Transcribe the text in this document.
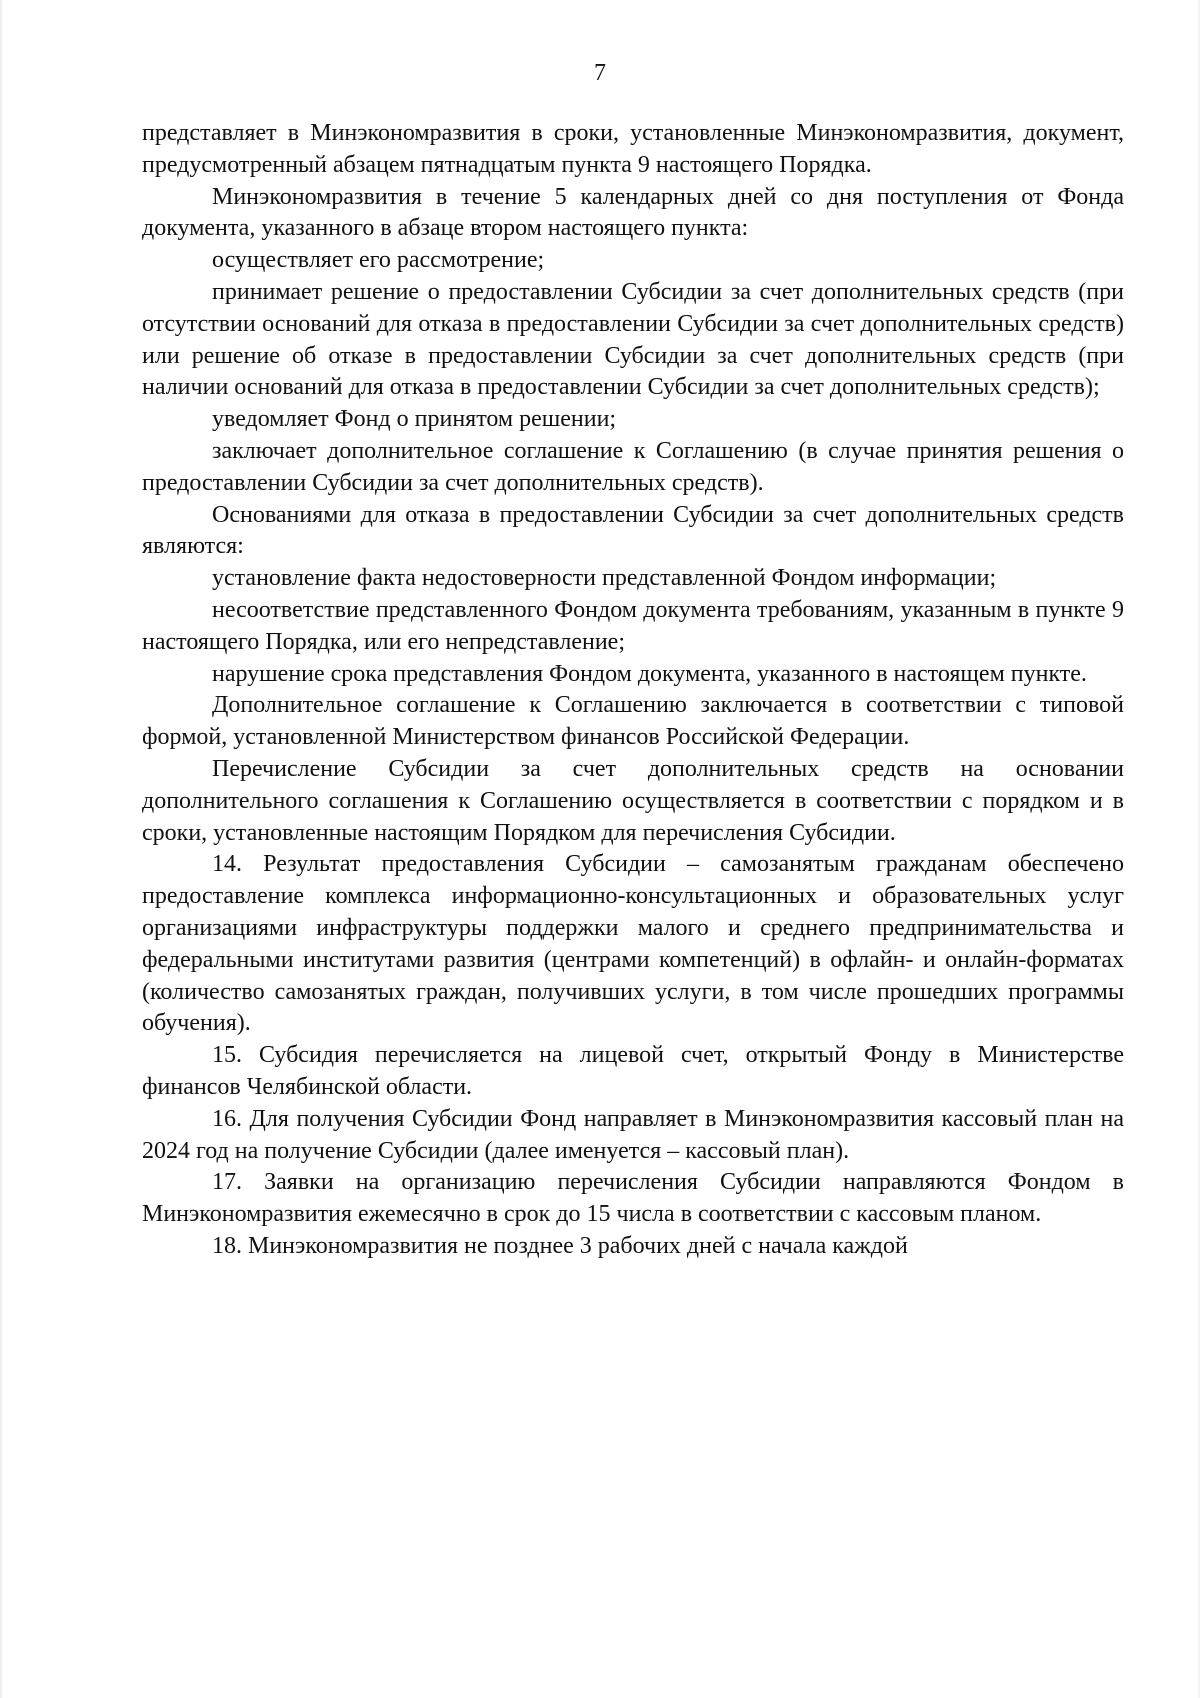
7

представляет в Минэкономразвития в сроки, установленные Минэкономразвития, документ, предусмотренный абзацем пятнадцатым пункта 9 настоящего Порядка.

Минэкономразвития в течение 5 календарных дней со дня поступления от Фонда документа, указанного в абзаце втором настоящего пункта:

осуществляет его рассмотрение;

принимает решение о предоставлении Субсидии за счет дополнительных средств (при отсутствии оснований для отказа в предоставлении Субсидии за счет дополнительных средств) или решение об отказе в предоставлении Субсидии за счет дополнительных средств (при наличии оснований для отказа в предоставлении Субсидии за счет дополнительных средств);

уведомляет Фонд о принятом решении;

заключает дополнительное соглашение к Соглашению (в случае принятия решения о предоставлении Субсидии за счет дополнительных средств).

Основаниями для отказа в предоставлении Субсидии за счет дополнительных средств являются:

установление факта недостоверности представленной Фондом информации;

несоответствие представленного Фондом документа требованиям, указанным в пункте 9 настоящего Порядка, или его непредставление;

нарушение срока представления Фондом документа, указанного в настоящем пункте.

Дополнительное соглашение к Соглашению заключается в соответствии с типовой формой, установленной Министерством финансов Российской Федерации.

Перечисление Субсидии за счет дополнительных средств на основании дополнительного соглашения к Соглашению осуществляется в соответствии с порядком и в сроки, установленные настоящим Порядком для перечисления Субсидии.

14. Результат предоставления Субсидии – самозанятым гражданам обеспечено предоставление комплекса информационно-консультационных и образовательных услуг организациями инфраструктуры поддержки малого и среднего предпринимательства и федеральными институтами развития (центрами компетенций) в офлайн- и онлайн-форматах (количество самозанятых граждан, получивших услуги, в том числе прошедших программы обучения).

15. Субсидия перечисляется на лицевой счет, открытый Фонду в Министерстве финансов Челябинской области.

16. Для получения Субсидии Фонд направляет в Минэкономразвития кассовый план на 2024 год на получение Субсидии (далее именуется – кассовый план).

17. Заявки на организацию перечисления Субсидии направляются Фондом в Минэкономразвития ежемесячно в срок до 15 числа в соответствии с кассовым планом.

18. Минэкономразвития не позднее 3 рабочих дней с начала каждой
